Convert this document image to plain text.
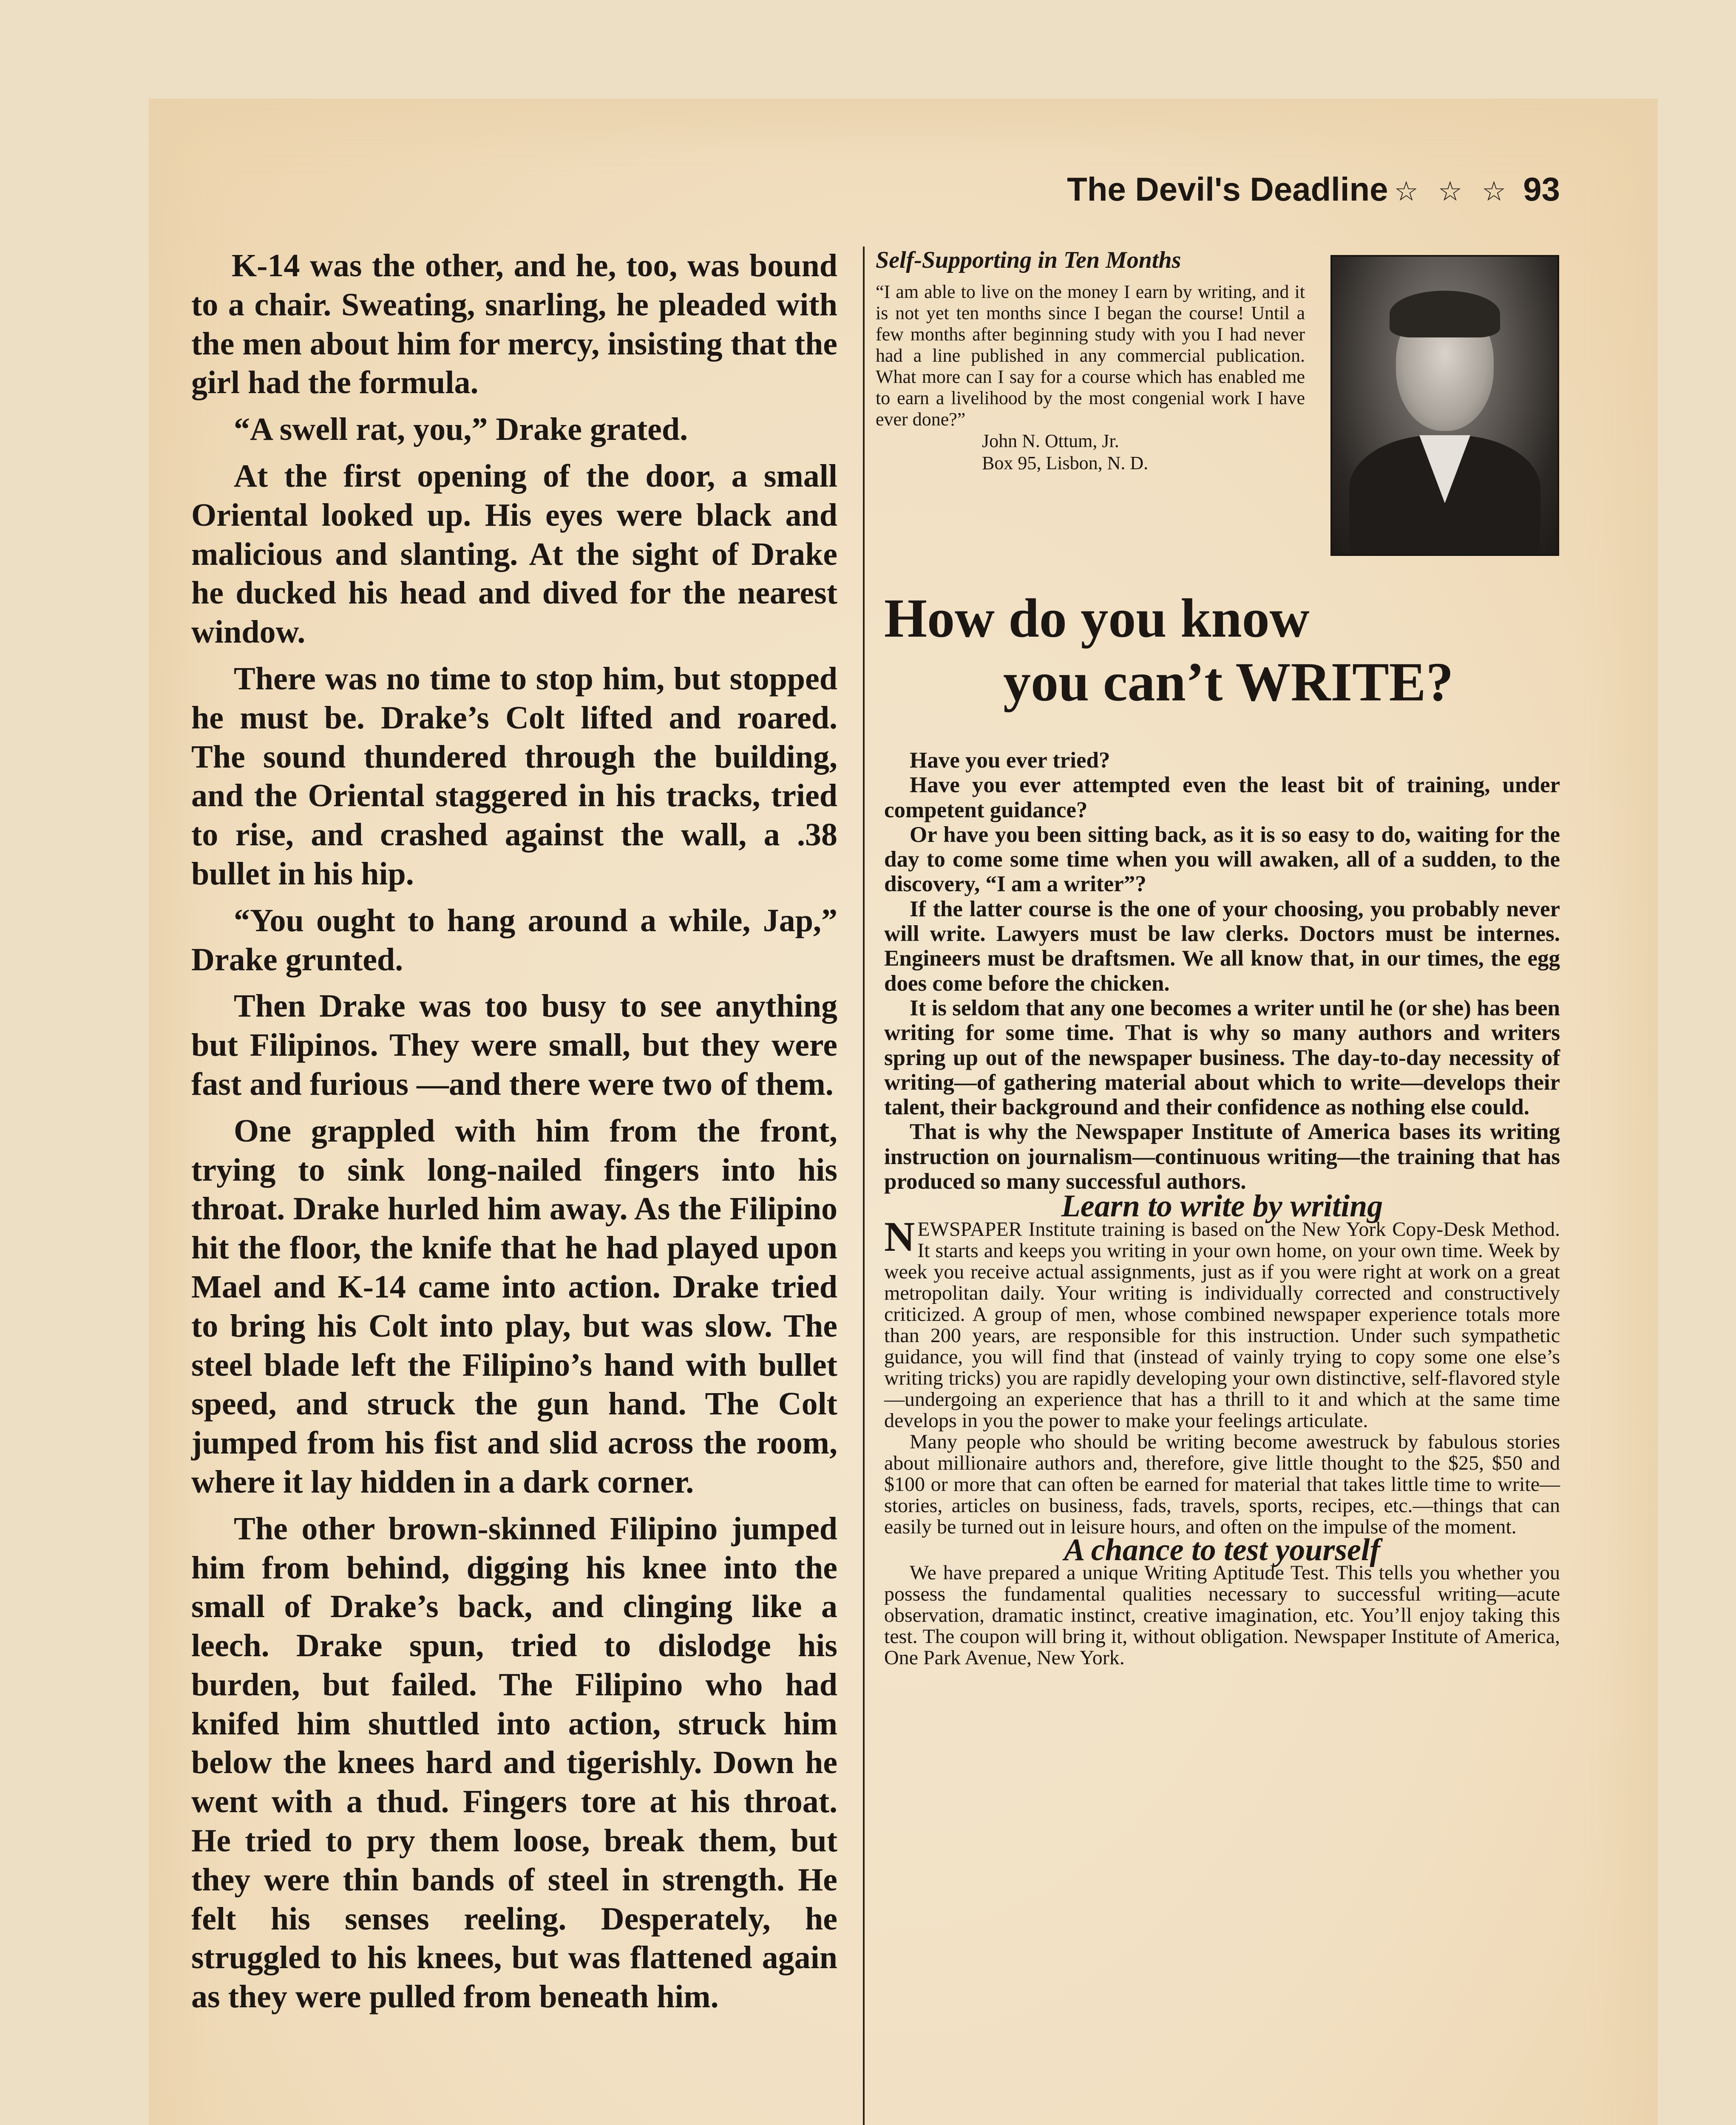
The Devil's Deadline ☆ ☆ ☆ 93

K-14 was the other, and he, too, was bound to a chair. Sweating, snarling, he pleaded with the men about him for mercy, insisting that the girl had the formula.

“A swell rat, you,” Drake grated.

At the first opening of the door, a small Oriental looked up. His eyes were black and malicious and slanting. At the sight of Drake he ducked his head and dived for the nearest window.

There was no time to stop him, but stopped he must be. Drake’s Colt lifted and roared. The sound thundered through the building, and the Oriental staggered in his tracks, tried to rise, and crashed against the wall, a .38 bullet in his hip.

“You ought to hang around a while, Jap,” Drake grunted.

Then Drake was too busy to see anything but Filipinos. They were small, but they were fast and furious —and there were two of them.

One grappled with him from the front, trying to sink long-nailed fingers into his throat. Drake hurled him away. As the Filipino hit the floor, the knife that he had played upon Mael and K-14 came into action. Drake tried to bring his Colt into play, but was slow. The steel blade left the Filipino’s hand with bullet speed, and struck the gun hand. The Colt jumped from his fist and slid across the room, where it lay hidden in a dark corner.

The other brown-skinned Filipino jumped him from behind, digging his knee into the small of Drake’s back, and clinging like a leech. Drake spun, tried to dislodge his burden, but failed. The Filipino who had knifed him shuttled into action, struck him below the knees hard and tigerishly. Down he went with a thud. Fingers tore at his throat. He tried to pry them loose, break them, but they were thin bands of steel in strength. He felt his senses reeling. Desperately, he struggled to his knees, but was flattened again as they were pulled from beneath him.

Self-Supporting in Ten Months

“I am able to live on the money I earn by writing, and it is not yet ten months since I began the course! Until a few months after beginning study with you I had never had a line published in any commercial publication. What more can I say for a course which has enabled me to earn a livelihood by the most congenial work I have ever done?”

John N. Ottum, Jr.

Box 95, Lisbon, N. D.

How do you know
you can’t WRITE?

Have you ever tried?

Have you ever attempted even the least bit of training, under competent guidance?

Or have you been sitting back, as it is so easy to do, waiting for the day to come some time when you will awaken, all of a sudden, to the discovery, “I am a writer”?

If the latter course is the one of your choosing, you probably never will write. Lawyers must be law clerks. Doctors must be internes. Engineers must be draftsmen. We all know that, in our times, the egg does come before the chicken.

It is seldom that any one becomes a writer until he (or she) has been writing for some time. That is why so many authors and writers spring up out of the newspaper business. The day-to-day necessity of writing—of gathering material about which to write—develops their talent, their background and their confidence as nothing else could.

That is why the Newspaper Institute of America bases its writing instruction on journalism—continuous writing—the training that has produced so many successful authors.

Learn to write by writing

N EWSPAPER Institute training is based on the New York Copy-Desk Method. It starts and keeps you writing in your own home, on your own time. Week by week you receive actual assignments, just as if you were right at work on a great metropolitan daily. Your writing is individually corrected and constructively criticized. A group of men, whose combined newspaper experience totals more than 200 years, are responsible for this instruction. Under such sympathetic guidance, you will find that (instead of vainly trying to copy some one else’s writing tricks) you are rapidly developing your own distinctive, self-flavored style—undergoing an experience that has a thrill to it and which at the same time develops in you the power to make your feelings articulate.

Many people who should be writing become awestruck by fabulous stories about millionaire authors and, therefore, give little thought to the $25, $50 and $100 or more that can often be earned for material that takes little time to write—stories, articles on business, fads, travels, sports, recipes, etc.—things that can easily be turned out in leisure hours, and often on the impulse of the moment.

A chance to test yourself

We have prepared a unique Writing Aptitude Test. This tells you whether you possess the fundamental qualities necessary to successful writing—acute observation, dramatic instinct, creative imagination, etc. You’ll enjoy taking this test. The coupon will bring it, without obligation. Newspaper Institute of America, One Park Avenue, New York.
